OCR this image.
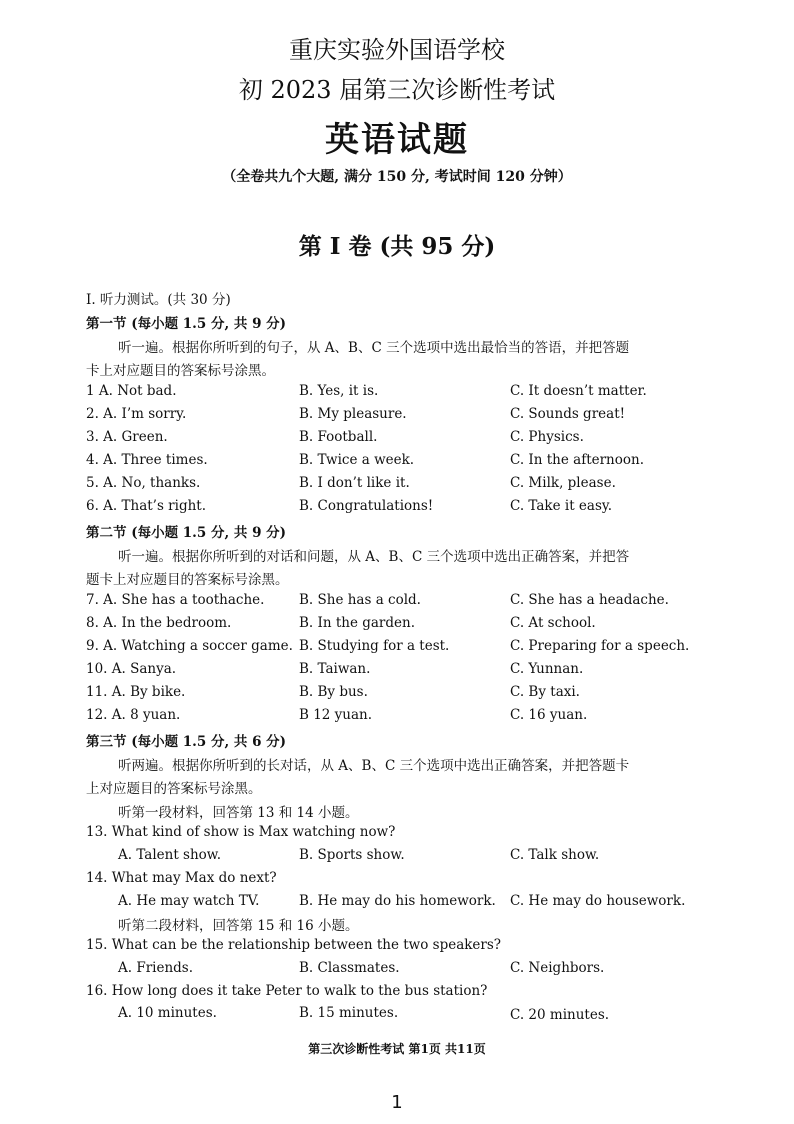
重庆实验外国语学校
初 2023 届第三次诊断性考试
英语试题
（全卷共九个大题, 满分 150 分, 考试时间 120 分钟）
第 I 卷 (共 95 分)
I. 听力测试。(共 30 分)
第一节 (每小题 1.5 分, 共 9 分)
听一遍。根据你所听到的句子，从 A、B、C 三个选项中选出最恰当的答语，并把答题
卡上对应题目的答案标号涂黑。
1 A. Not bad.	B. Yes, it is.	C. It doesn’t matter.
2. A. I’m sorry.	B. My pleasure.	C. Sounds great!
3. A. Green.	B. Football.	C. Physics.
4. A. Three times.	B. Twice a week.	C. In the afternoon.
5. A. No, thanks.	B. I don’t like it.	C. Milk, please.
6. A. That’s right.	B. Congratulations!	C. Take it easy.
第二节 (每小题 1.5 分, 共 9 分)
听一遍。根据你所听到的对话和问题，从 A、B、C 三个选项中选出正确答案，并把答
题卡上对应题目的答案标号涂黑。
7. A. She has a toothache.	B. She has a cold.	C. She has a headache.
8. A. In the bedroom.	B. In the garden.	C. At school.
9. A. Watching a soccer game. B. Studying for a test.	C. Preparing for a speech.
10. A. Sanya.	B. Taiwan.	C. Yunnan.
11. A. By bike.	B. By bus.	C. By taxi.
12. A. 8 yuan.	B 12 yuan.	C. 16 yuan.
第三节 (每小题 1.5 分, 共 6 分)
听两遍。根据你所听到的长对话，从 A、B、C 三个选项中选出正确答案，并把答题卡
上对应题目的答案标号涂黑。
听第一段材料，回答第 13 和 14 小题。
13. What kind of show is Max watching now?
A. Talent show.	B. Sports show.	C. Talk show.
14. What may Max do next?
A. He may watch TV.	B. He may do his homework. C. He may do housework.
听第二段材料，回答第 15 和 16 小题。
15. What can be the relationship between the two speakers?
A. Friends.	B. Classmates.	C. Neighbors.
16. How long does it take Peter to walk to the bus station?
A. 10 minutes.	B. 15 minutes.	C. 20 minutes.
第三次诊断性考试 第1页 共11页
1
